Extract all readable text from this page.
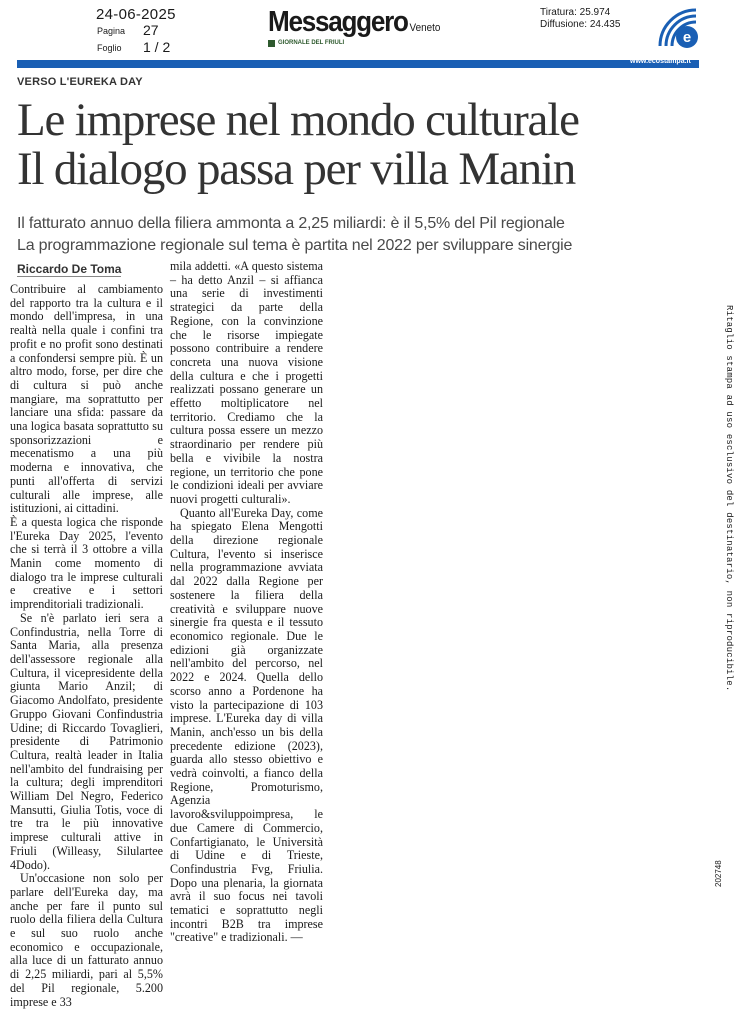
24-06-2025
Pagina 27
Foglio 1 / 2
Messaggero Veneto
GIORNALE DEL FRIULI
Tiratura: 25.974
Diffusione: 24.435
e
www.ecostampa.it
VERSO L'EUREKA DAY
Le imprese nel mondo culturale
Il dialogo passa per villa Manin
Il fatturato annuo della filiera ammonta a 2,25 miliardi: è il 5,5% del Pil regionale
La programmazione regionale sul tema è partita nel 2022 per sviluppare sinergie
Riccardo De Toma

Contribuire al cambiamento del rapporto tra la cultura e il mondo dell'impresa, in una realtà nella quale i confini tra profit e no profit sono destinati a confondersi sempre più. È un altro modo, forse, per dire che di cultura si può anche mangiare, ma soprattutto per lanciare una sfida: passare da una logica basata soprattutto su sponsorizzazioni e mecenatismo a una più moderna e innovativa, che punti all'offerta di servizi culturali alle imprese, alle istituzioni, ai cittadini.

È a questa logica che risponde l'Eureka Day 2025, l'evento che si terrà il 3 ottobre a villa Manin come momento di dialogo tra le imprese culturali e creative e i settori imprenditoriali tradizionali.

Se n'è parlato ieri sera a Confindustria, nella Torre di Santa Maria, alla presenza dell'assessore regionale alla Cultura, il vicepresidente della giunta Mario Anzil; di Giacomo Andolfato, presidente Gruppo Giovani Confindustria Udine; di Riccardo Tovaglieri, presidente di Patrimonio Cultura, realtà leader in Italia nell'ambito del fundraising per la cultura; degli imprenditori William Del Negro, Federico Mansutti, Giulia Totis, voce di tre tra le più innovative imprese culturali attive in Friuli (Willeasy, Silulartee 4Dodo).

Un'occasione non solo per parlare dell'Eureka day, ma anche per fare il punto sul ruolo della filiera della Cultura e sul suo ruolo anche economico e occupazionale, alla luce di un fatturato annuo di 2,25 miliardi, pari al 5,5% del Pil regionale, 5.200 imprese e 33

mila addetti. «A questo sistema – ha detto Anzil – si affianca una serie di investimenti strategici da parte della Regione, con la convinzione che le risorse impiegate possono contribuire a rendere concreta una nuova visione della cultura e che i progetti realizzati possano generare un effetto moltiplicatore nel territorio. Crediamo che la cultura possa essere un mezzo straordinario per rendere più bella e vivibile la nostra regione, un territorio che pone le condizioni ideali per avviare nuovi progetti culturali».

Quanto all'Eureka Day, come ha spiegato Elena Mengotti della direzione regionale Cultura, l'evento si inserisce nella programmazione avviata dal 2022 dalla Regione per sostenere la filiera della creatività e sviluppare nuove sinergie fra questa e il tessuto economico regionale. Due le edizioni già organizzate nell'ambito del percorso, nel 2022 e 2024. Quella dello scorso anno a Pordenone ha visto la partecipazione di 103 imprese. L'Eureka day di villa Manin, anch'esso un bis della precedente edizione (2023), guarda allo stesso obiettivo e vedrà coinvolti, a fianco della Regione, Promoturismo, Agenzia lavoro&sviluppoimpresa, le due Camere di Commercio, Confartigianato, le Università di Udine e di Trieste, Confindustria Fvg, Friulia. Dopo una plenaria, la giornata avrà il suo focus nei tavoli tematici e soprattutto negli incontri B2B tra imprese "creative" e tradizionali. —

Ritaglio stampa ad uso esclusivo del destinatario, non riproducibile.
202748
